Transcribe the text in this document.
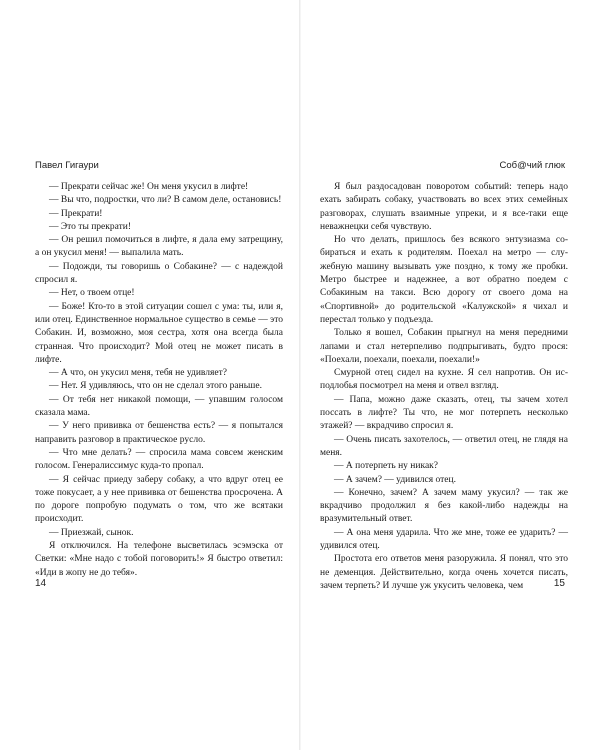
Павел Гигаури	Соб@чий глюк

— Прекрати сейчас же! Он меня укусил в лифте!

— Вы что, подростки, что ли? В самом деле, остановись!

— Прекрати!

— Это ты прекрати!

— Он решил помочиться в лифте, я дала ему затрещину, а он укусил меня! — выпалила мать.

— Подожди, ты говоришь о Собакине? — с надеждой спросил я.

— Нет, о твоем отце!

— Боже! Кто-то в этой ситуации сошел с ума: ты, или я, или отец. Единственное нормальное существо в семье — это Собакин. И, возможно, моя сестра, хотя она всегда была странная. Что происходит? Мой отец не может писать в лифте.

— А что, он укусил меня, тебя не удивляет?

— Нет. Я удивляюсь, что он не сделал этого раньше.

— От тебя нет никакой помощи, — упавшим голосом сказала мама.

— У него прививка от бешенства есть? — я попытался направить разговор в практическое русло.

— Что мне делать? — спросила мама совсем женским голосом. Генералиссимус куда-то пропал.

— Я сейчас приеду заберу собаку, а что вдруг отец ее тоже покусает, а у нее прививка от бешенства просрочена. А по дороге попробую подумать о том, что же всятаки происходит.

— Приезжай, сынок.

Я отключился. На телефоне высветилась эсэмэска от Светки: «Мне надо с тобой поговорить!» Я быстро ответил: «Иди в жопу не до тебя».

Я был раздосадован поворотом событий: теперь надо ехать забирать собаку, участвовать во всех этих семейных разговорах, слушать взаимные упреки, и я все-таки еще неважнецки себя чувствую.

Но что делать, пришлось без всякого энтузиазма собираться и ехать к родителям. Поехал на метро — служебную машину вызывать уже поздно, к тому же пробки. Метро быстрее и надежнее, а вот обратно поедем с Собакиным на такси. Всю дорогу от своего дома на «Спортивной» до родительской «Калужской» я чихал и перестал только у подъезда.

Только я вошел, Собакин прыгнул на меня передними лапами и стал нетерпеливо подпрыгивать, будто прося: «Поехали, поехали, поехали, поехали!»

Смурной отец сидел на кухне. Я сел напротив. Он исподлобья посмотрел на меня и отвел взгляд.

— Папа, можно даже сказать, отец, ты зачем хотел поссать в лифте? Ты что, не мог потерпеть несколько этажей? — вкрадчиво спросил я.

— Очень писать захотелось, — ответил отец, не глядя на меня.

— А потерпеть ну никак?

— А зачем? — удивился отец.

— Конечно, зачем? А зачем маму укусил? — так же вкрадчиво продолжил я без какой-либо надежды на вразумительный ответ.

— А она меня ударила. Что же мне, тоже ее ударить? — удивился отец.

Простота его ответов меня разоружила. Я понял, что это не деменция. Действительно, когда очень хочется писать, зачем терпеть? И лучше уж укусить человека, чем

14	15
